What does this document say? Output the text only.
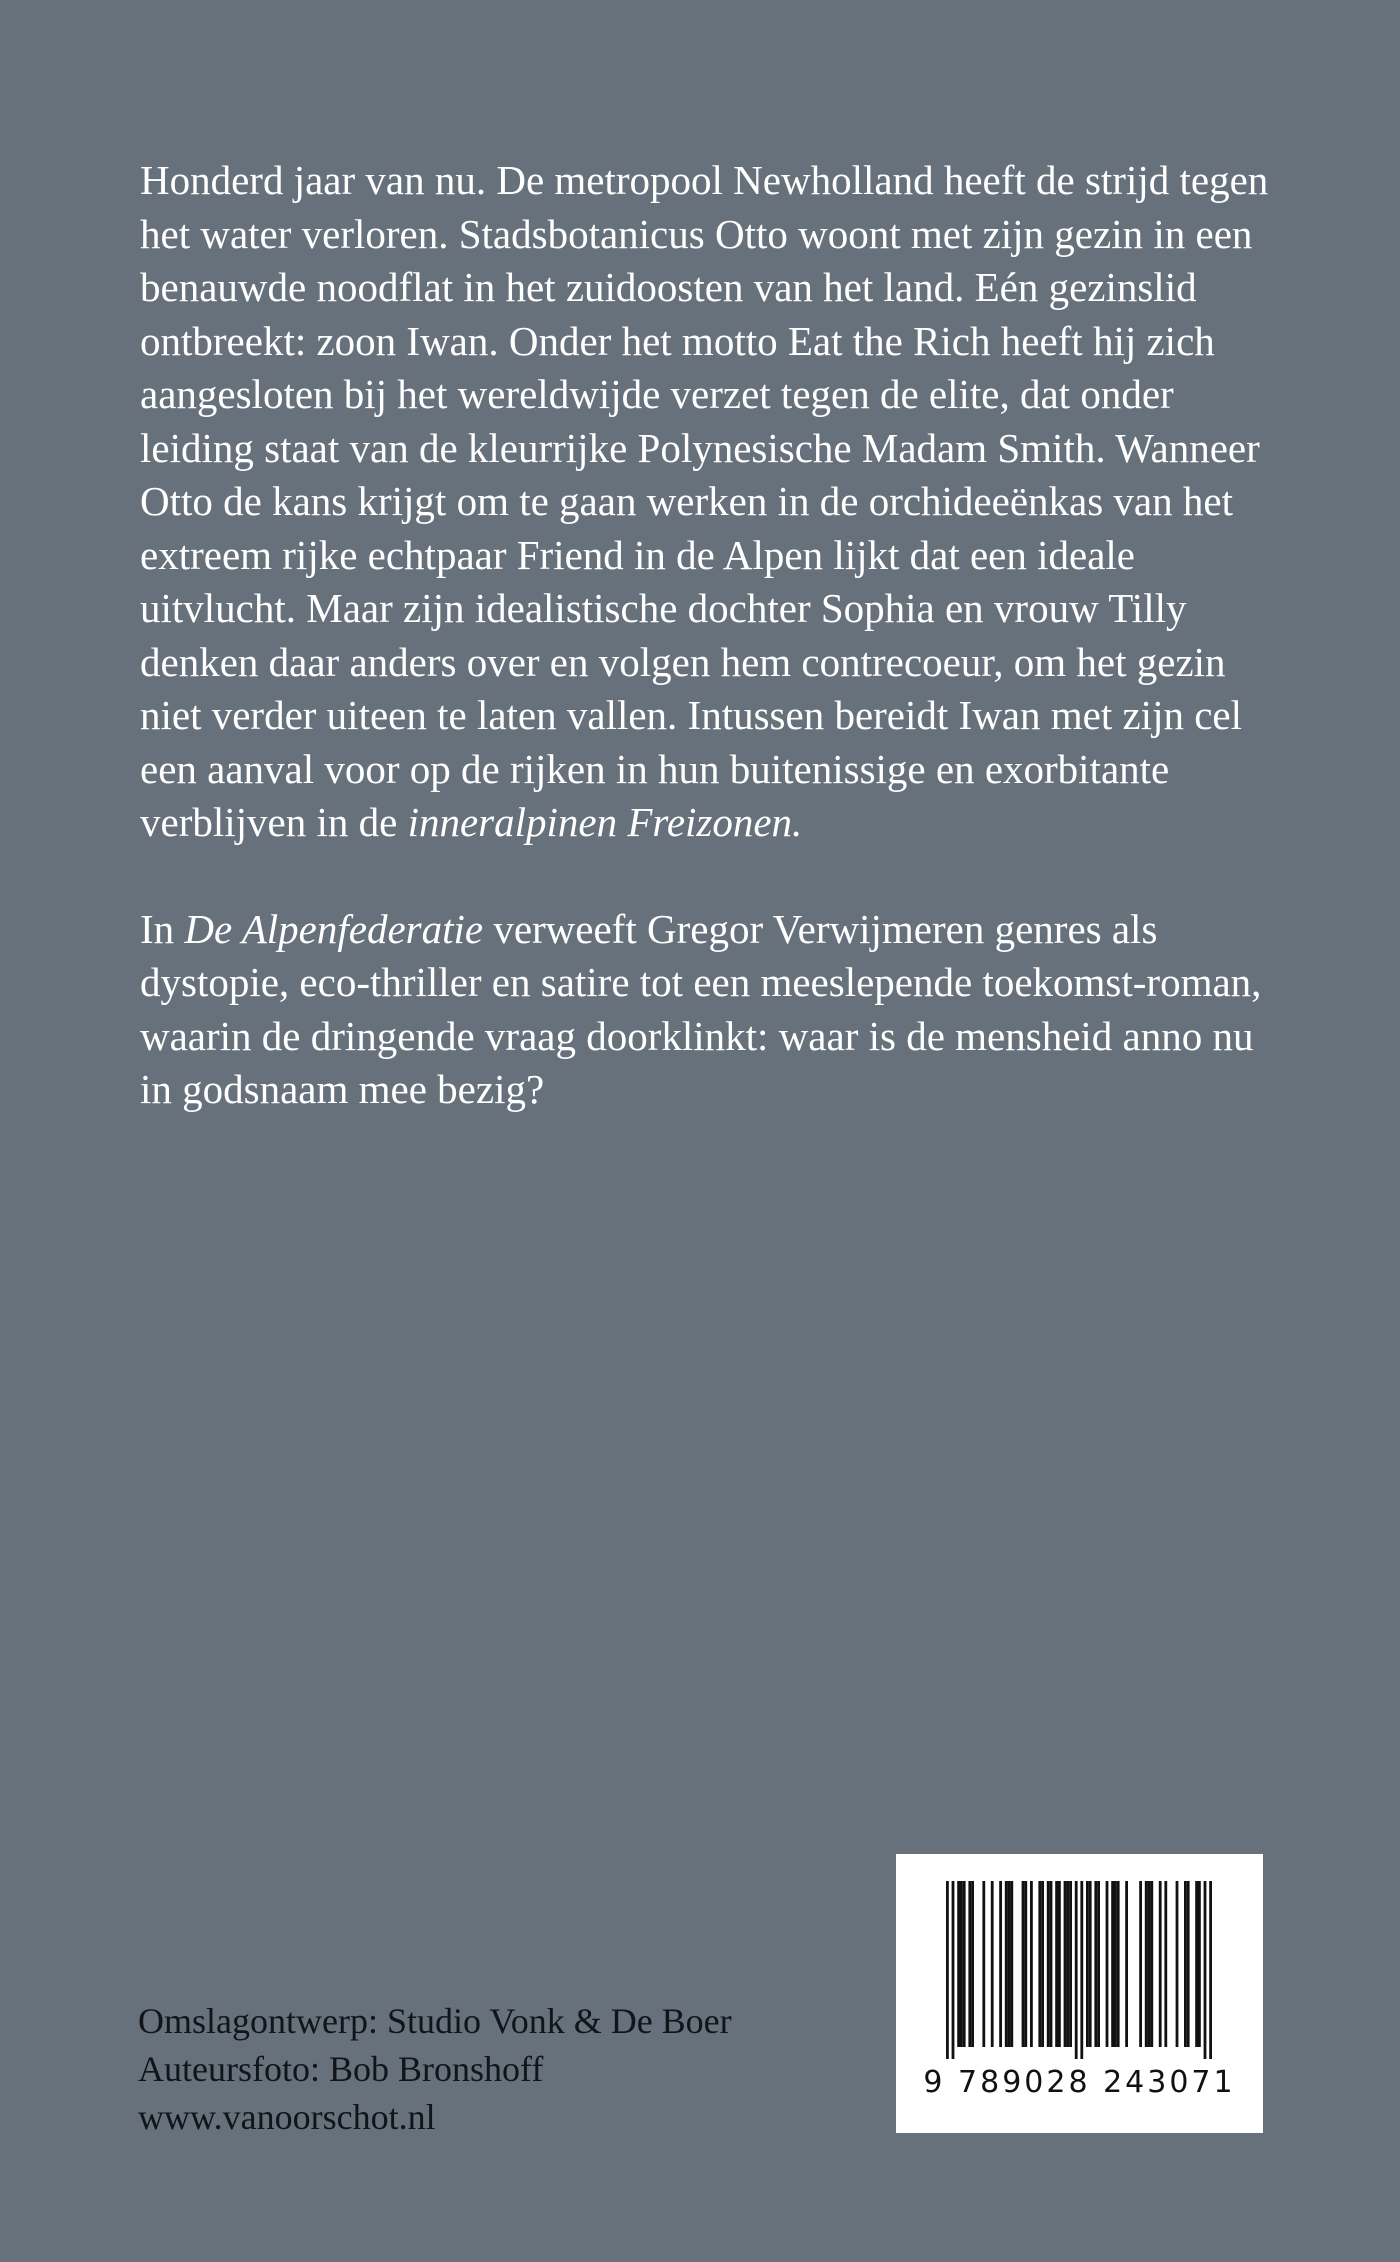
Honderd jaar van nu. De metropool Newholland heeft de strijd tegen het water verloren. Stadsbotanicus Otto woont met zijn gezin in een benauwde noodflat in het zuidoosten van het land. Eén gezinslid ontbreekt: zoon Iwan. Onder het motto Eat the Rich heeft hij zich aangesloten bij het wereldwijde verzet tegen de elite, dat onder leiding staat van de kleurrijke Polynesische Madam Smith. Wanneer Otto de kans krijgt om te gaan werken in de orchideeënkas van het extreem rijke echtpaar Friend in de Alpen lijkt dat een ideale uitvlucht. Maar zijn idealistische dochter Sophia en vrouw Tilly denken daar anders over en volgen hem contrecoeur, om het gezin niet verder uiteen te laten vallen. Intussen bereidt Iwan met zijn cel een aanval voor op de rijken in hun buitenissige en exorbitante verblijven in de inneralpinen Freizonen.

In De Alpenfederatie verweeft Gregor Verwijmeren genres als dystopie, eco-thriller en satire tot een meeslepende toekomst-roman, waarin de dringende vraag doorklinkt: waar is de mensheid anno nu in godsnaam mee bezig?

Omslagontwerp: Studio Vonk & De Boer
Auteursfoto: Bob Bronshoff
www.vanoorschot.nl
9 789028 243071
